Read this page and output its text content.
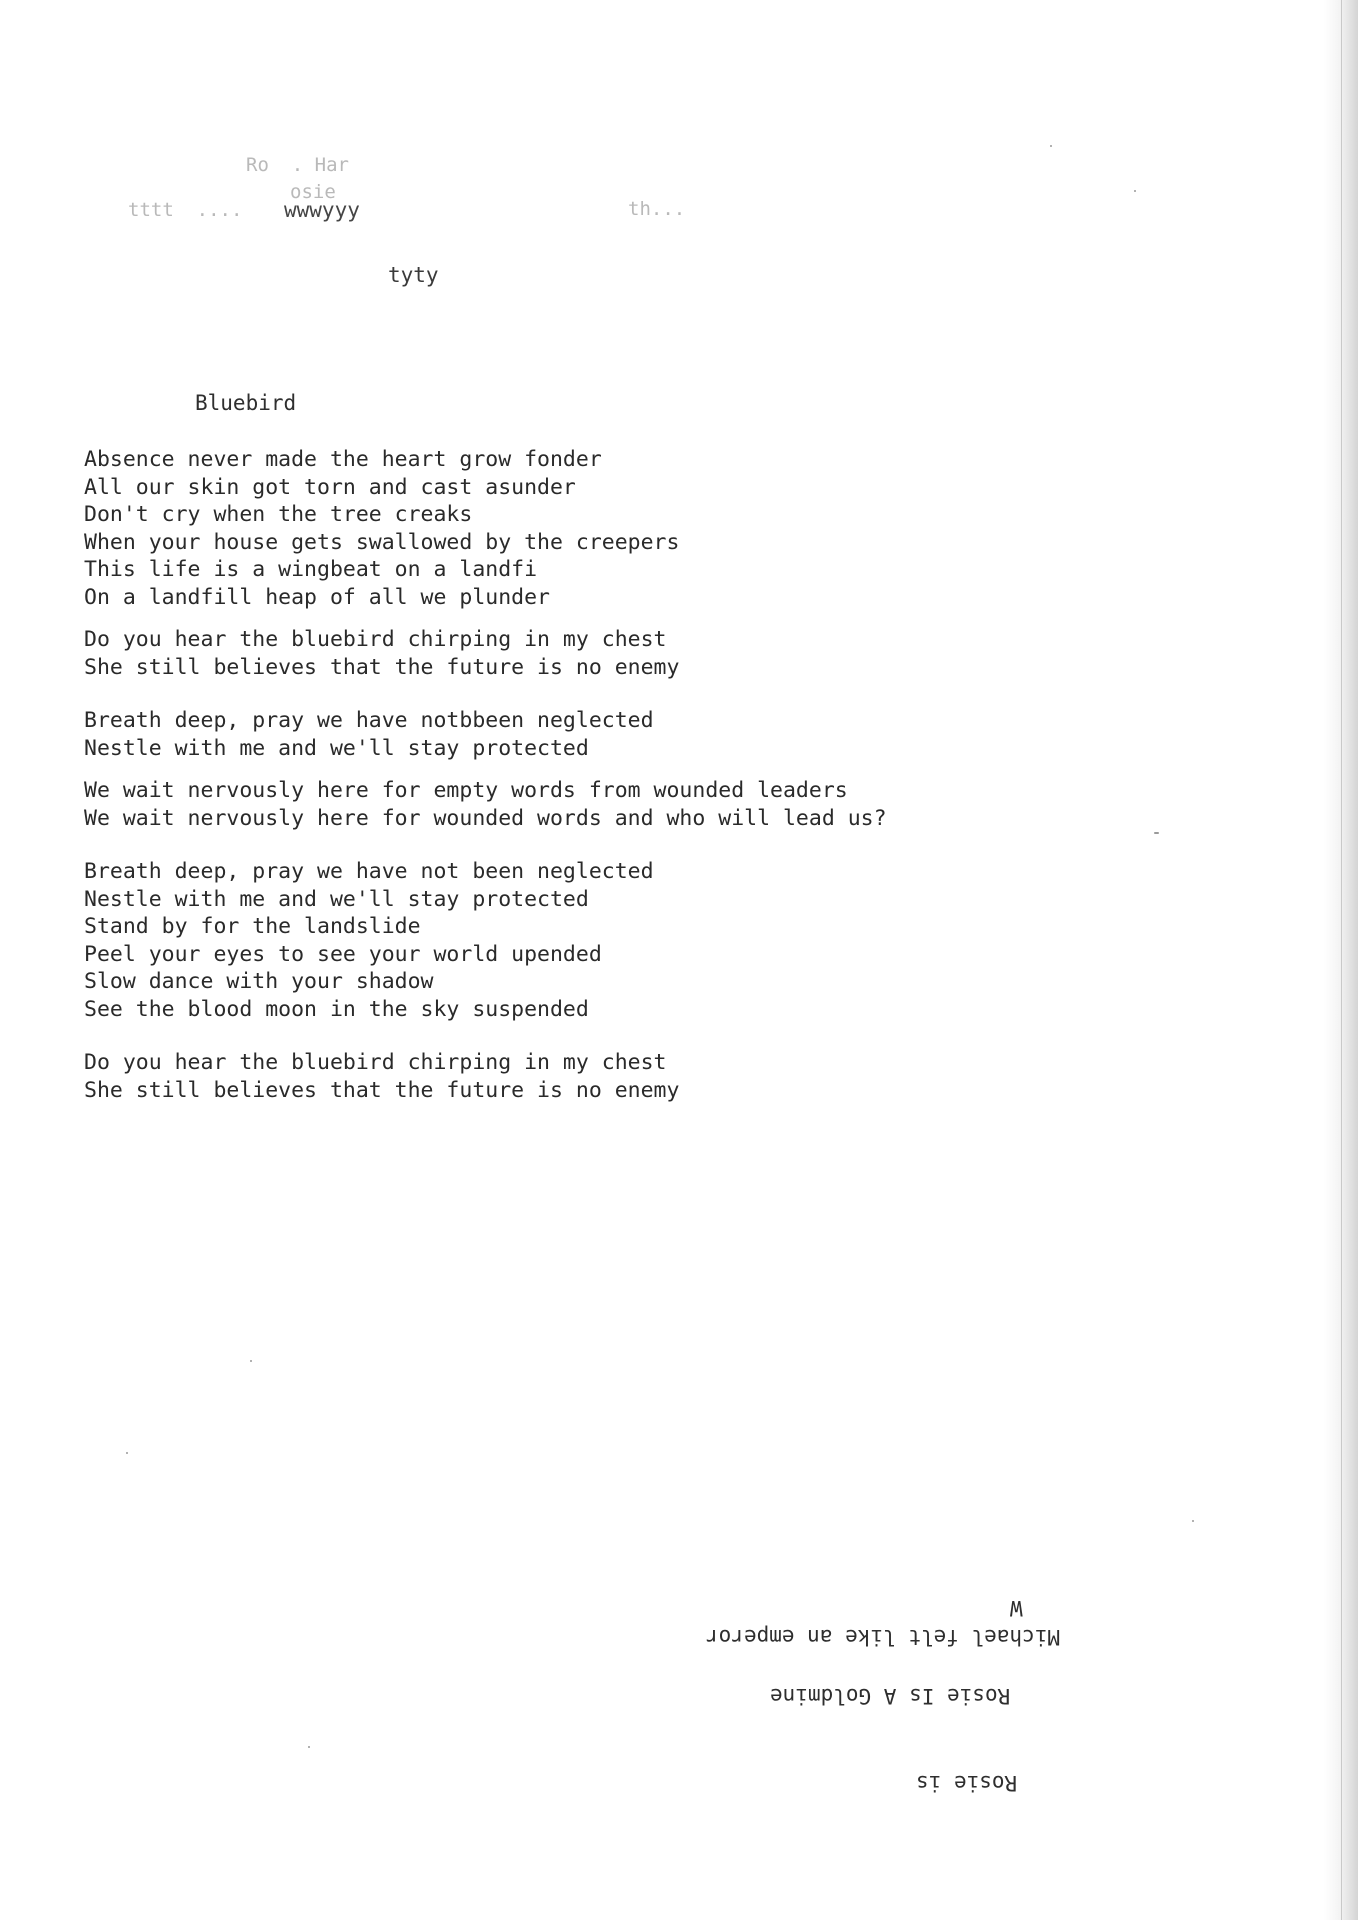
Ro  . Har
osie
tttt  .... wwwyyy	th...
tyty
Bluebird
Absence never made the heart grow fonder
All our skin got torn and cast asunder
Don't cry when the tree creaks
When your house gets swallowed by the creepers
This life is a wingbeat on a landfi
On a landfill heap of all we plunder
Do you hear the bluebird chirping in my chest
She still believes that the future is no enemy
Breath deep, pray we have notbbeen neglected
Nestle with me and we'll stay protected
We wait nervously here for empty words from wounded leaders
We wait nervously here for wounded words and who will lead us?
Breath deep, pray we have not been neglected
Nestle with me and we'll stay protected
Stand by for the landslide
Peel your eyes to see your world upended
Slow dance with your shadow
See the blood moon in the sky suspended
Do you hear the bluebird chirping in my chest
She still believes that the future is no enemy
W
Michael felt like an emperor
Rosie Is A Goldmine
Rosie is
